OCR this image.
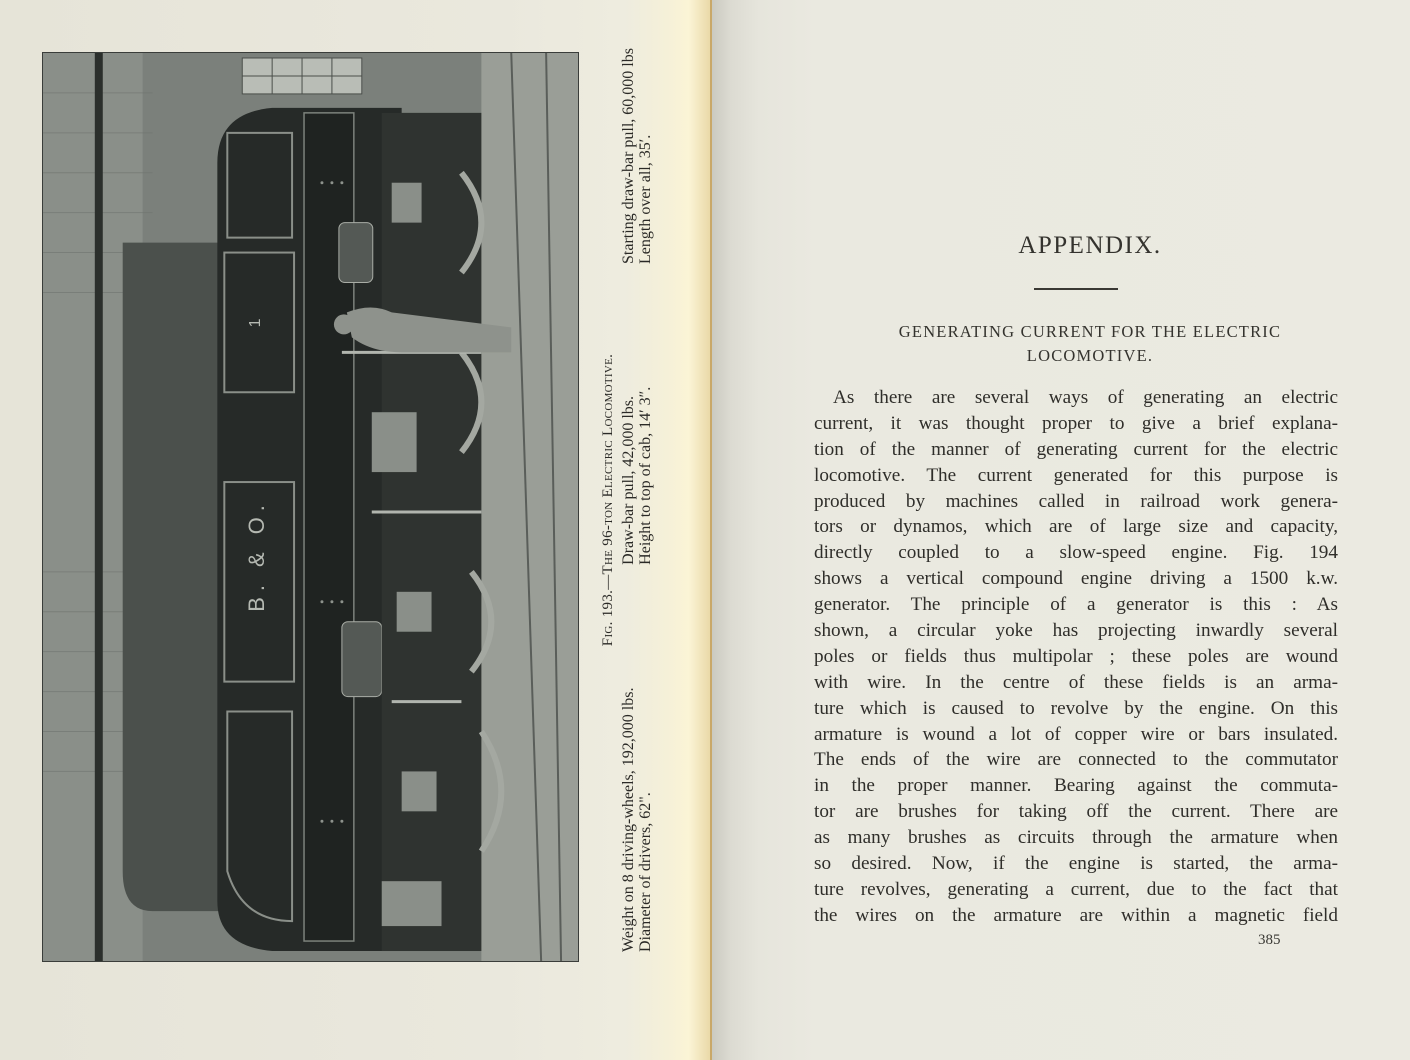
1
B. & O.
Fig. 193.—The 96-ton Electric Locomotive.
Weight on 8 driving-wheels, 192,000 lbs. Diameter of drivers, 62".
Draw-bar pull, 42,000 lbs. Height to top of cab, 14′ 3″.
Starting draw-bar pull, 60,000 lbs Length over all, 35′.	APPENDIX.
GENERATING CURRENT FOR THE ELECTRIC
LOCOMOTIVE.
As there are several ways of generating an electric
current, it was thought proper to give a brief explana-
tion of the manner of generating current for the electric
locomotive. The current generated for this purpose is
produced by machines called in railroad work genera-
tors or dynamos, which are of large size and capacity,
directly coupled to a slow-speed engine. Fig. 194
shows a vertical compound engine driving a 1500 k.w.
generator. The principle of a generator is this : As
shown, a circular yoke has projecting inwardly several
poles or fields thus multipolar ; these poles are wound
with wire. In the centre of these fields is an arma-
ture which is caused to revolve by the engine. On this
armature is wound a lot of copper wire or bars insulated.
The ends of the wire are connected to the commutator
in the proper manner. Bearing against the commuta-
tor are brushes for taking off the current. There are
as many brushes as circuits through the armature when
so desired. Now, if the engine is started, the arma-
ture revolves, generating a current, due to the fact that
the wires on the armature are within a magnetic field
385
